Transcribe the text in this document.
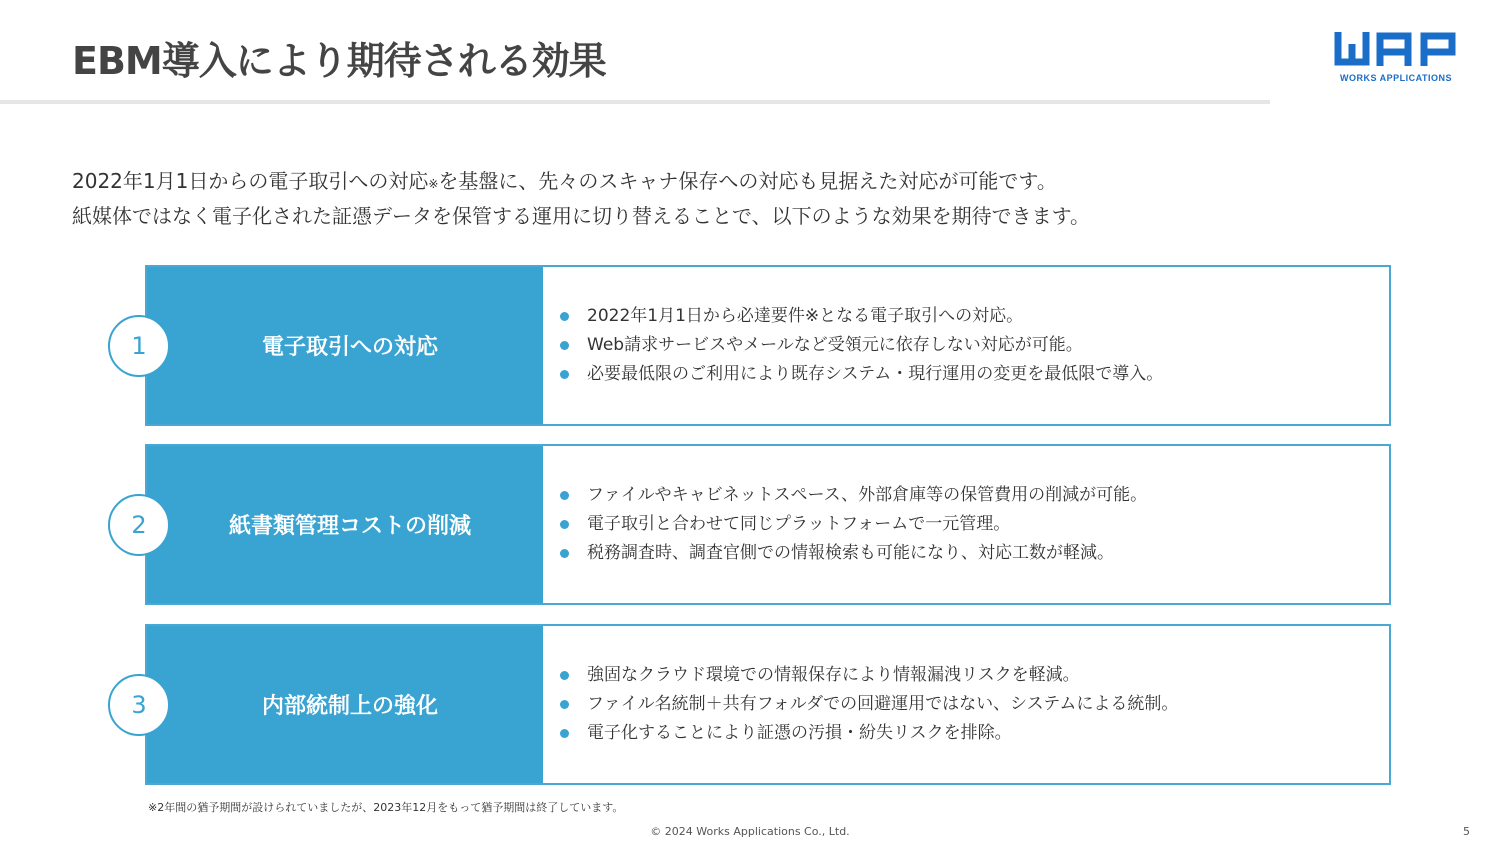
EBM導入により期待される効果	WORKS APPLICATIONS

2022年1月1日からの電子取引への対応※を基盤に、先々のスキャナ保存への対応も見据えた対応が可能です。

紙媒体ではなく電子化された証憑データを保管する運用に切り替えることで、以下のような効果を期待できます。

電子取引への対応
2022年1月1日から必達要件※となる電子取引への対応。
Web請求サービスやメールなど受領元に依存しない対応が可能。
必要最低限のご利用により既存システム・現行運用の変更を最低限で導入。
1
紙書類管理コストの削減
ファイルやキャビネットスペース、外部倉庫等の保管費用の削減が可能。
電子取引と合わせて同じプラットフォームで一元管理。
税務調査時、調査官側での情報検索も可能になり、対応工数が軽減。
2
内部統制上の強化
強固なクラウド環境での情報保存により情報漏洩リスクを軽減。
ファイル名統制＋共有フォルダでの回避運用ではない、システムによる統制。
電子化することにより証憑の汚損・紛失リスクを排除。
3
※2年間の猶予期間が設けられていましたが、2023年12月をもって猶予期間は終了しています。
© 2024 Works Applications Co., Ltd.	5
